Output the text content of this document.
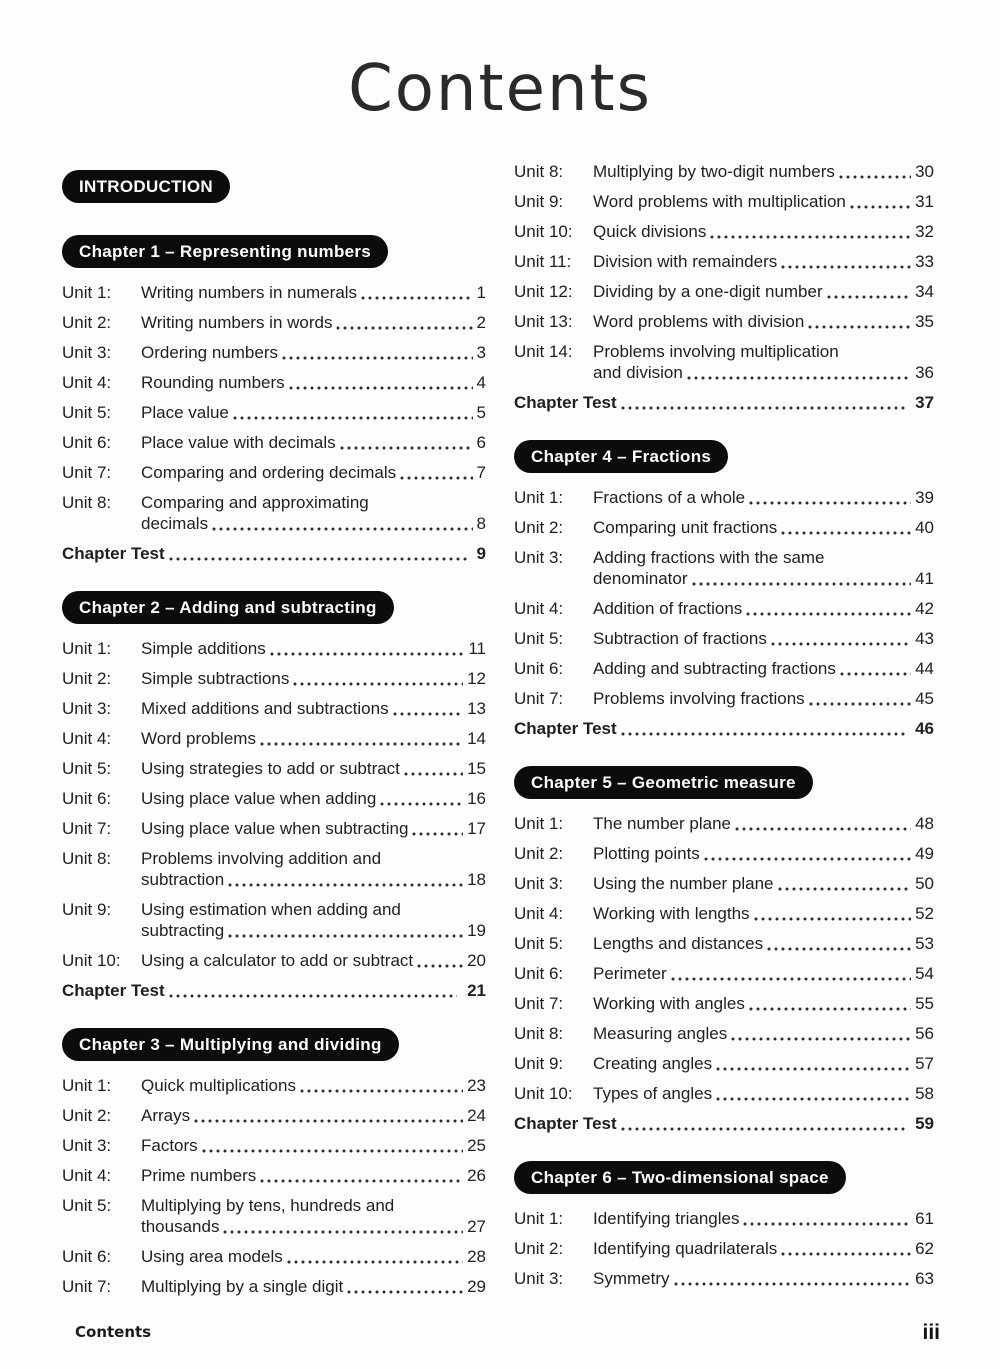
Contents
INTRODUCTIONChapter 1 – Representing numbers
Unit 1:	Writing numbers in numerals	1
Unit 2:	Writing numbers in words	2
Unit 3:	Ordering numbers	3
Unit 4:	Rounding numbers	4
Unit 5:	Place value	5
Unit 6:	Place value with decimals	6
Unit 7:	Comparing and ordering decimals	7
Unit 8:	Comparing and approximating
decimals	8
Chapter Test	9
Chapter 2 – Adding and subtracting
Unit 1:	Simple additions	11
Unit 2:	Simple subtractions	12
Unit 3:	Mixed additions and subtractions	13
Unit 4:	Word problems	14
Unit 5:	Using strategies to add or subtract	15
Unit 6:	Using place value when adding	16
Unit 7:	Using place value when subtracting	17
Unit 8:	Problems involving addition and
subtraction	18
Unit 9:	Using estimation when adding and
subtracting	19
Unit 10:	Using a calculator to add or subtract	20
Chapter Test	21
Chapter 3 – Multiplying and dividing
Unit 1:	Quick multiplications	23
Unit 2:	Arrays	24
Unit 3:	Factors	25
Unit 4:	Prime numbers	26
Unit 5:	Multiplying by tens, hundreds and
thousands	27
Unit 6:	Using area models	28
Unit 7:	Multiplying by a single digit	29
Unit 8:	Multiplying by two-digit numbers	30
Unit 9:	Word problems with multiplication	31
Unit 10:	Quick divisions	32
Unit 11:	Division with remainders	33
Unit 12:	Dividing by a one-digit number	34
Unit 13:	Word problems with division	35
Unit 14:	Problems involving multiplication
and division	36
Chapter Test	37
Chapter 4 – Fractions
Unit 1:	Fractions of a whole	39
Unit 2:	Comparing unit fractions	40
Unit 3:	Adding fractions with the same
denominator	41
Unit 4:	Addition of fractions	42
Unit 5:	Subtraction of fractions	43
Unit 6:	Adding and subtracting fractions	44
Unit 7:	Problems involving fractions	45
Chapter Test	46
Chapter 5 – Geometric measure
Unit 1:	The number plane	48
Unit 2:	Plotting points	49
Unit 3:	Using the number plane	50
Unit 4:	Working with lengths	52
Unit 5:	Lengths and distances	53
Unit 6:	Perimeter	54
Unit 7:	Working with angles	55
Unit 8:	Measuring angles	56
Unit 9:	Creating angles	57
Unit 10:	Types of angles	58
Chapter Test	59
Chapter 6 – Two-dimensional space
Unit 1:	Identifying triangles	61
Unit 2:	Identifying quadrilaterals	62
Unit 3:	Symmetry	63
Contents	iii
